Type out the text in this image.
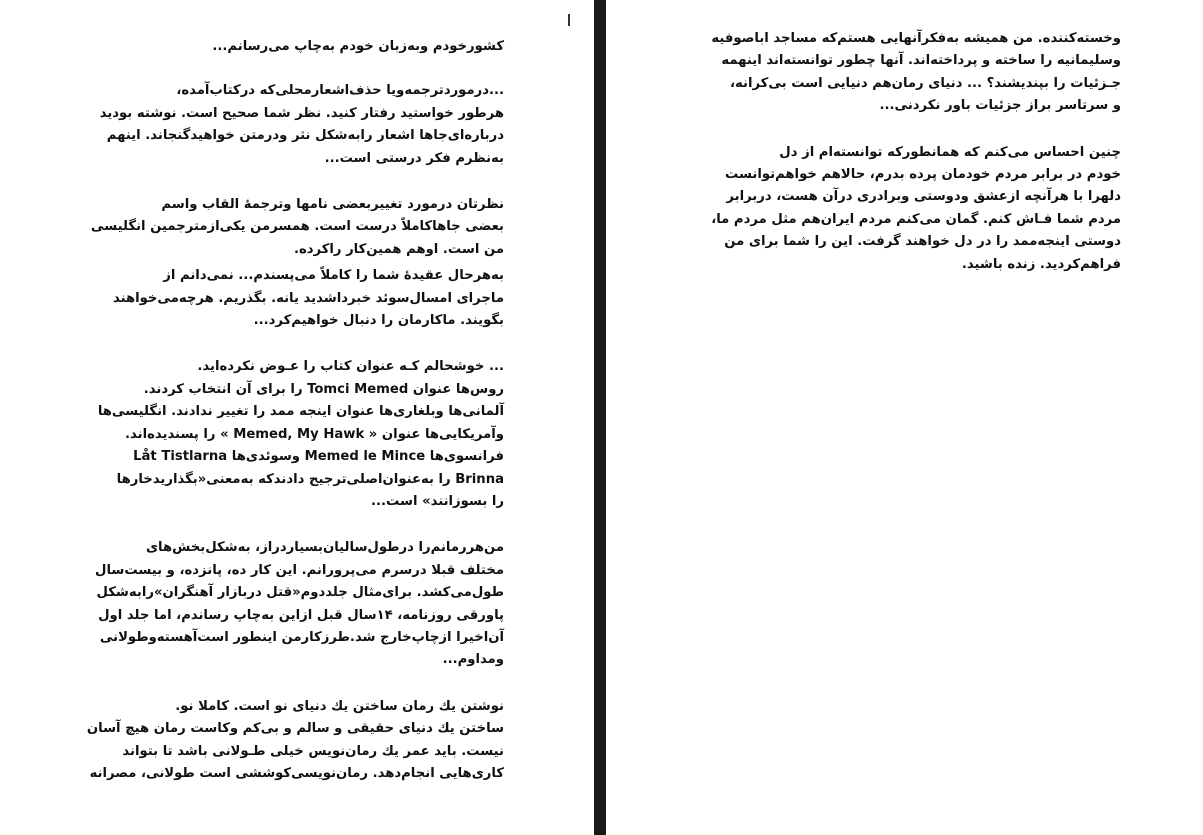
کشورخودم وبه‌زبان خودم به‌چاپ می‌رسانم...

...درموردترجمه‌ویا حذف‌اشعارمحلی‌که درکتاب‌آمده،
هرطور خواستید رفتار کنید. نظر شما صحیح است. نوشته بودید
درباره‌ای‌جاها اشعار رابه‌شکل نثر ودرمتن خواهیدگنجاند. اینهم
به‌نظرم فکر درستی است...

نظرتان درمورد تغییربعضی نامها وترجمهٔ القاب واسم
بعضی جاها‌کاملاً درست است. همسرمن یکی‌ازمترجمین انگلیسی
من است. اوهم همین‌کار راکرده.

به‌هرحال عقیدهٔ شما را کاملاً می‌پسندم... نمی‌دانم از
ماجرای امسال‌سوئد خبرداشدید یانه. بگذریم. هرچه‌می‌خواهند
بگویند. ماکارمان را دنبال خواهیم‌کرد...

... خوشحالم کـه عنوان کتاب را عـوض نکرده‌اید.
روس‌ها عنوان Tomci Memed را برای آن انتخاب کردند.
آلمانی‌ها وبلغاری‌ها عنوان اینجه ممد را تغییر ندادند. انگلیسی‌ها
وآمریکایی‌ها عنوان « Memed, My Hawk » را پسندیده‌اند.
فرانسوی‌ها Memed le Mince وسوئدی‌ها Låt Tistlarna
Brinna را به‌عنوان‌اصلی‌ترجیح دادندکه به‌معنی«بگذاریدخارها
را بسوزانند» است...

من‌هررمانم‌را درطول‌سالیان‌بسیاردراز، به‌شکل‌بخش‌های
مختلف قبلا درسرم می‌پرورانم. این کار ده، پانزده، و بیست‌سال
طول‌می‌کشد. برای‌مثال جلددوم«قتل دربازار آهنگران»رابه‌شکل
پاورقی روزنامه، ۱۴سال قبل ازاین به‌چاپ رساندم، اما جلد اول
آن‌اخیرا ازچاپ‌خارج شد.طرزکارمن اینطور است‌آهسته‌وطولانی
ومداوم...

نوشتن یك رمان ساختن یك دنیای نو است. کاملا نو.
ساختن یك دنیای حقیقی و سالم و بی‌کم وکاست رمان هیچ آسان
نیست. باید عمر یك رمان‌نویس خیلی طـولانی باشد تا بتواند
کاری‌هایی انجام‌دهد. رمان‌نویسی‌کوششی است طولانی، مصرانه

وخسته‌کننده. من همیشه به‌فکرآنهایی هستم‌که مساجد اباصوفیه
وسلیمانیه را ساخته و پرداخته‌اند. آنها چطور توانسته‌اند اینهمه
جـزئیات را بپندیشند؟ ... دنیای رمان‌هم دنیایی است بی‌کرانه،
و سرتاسر براز جزئیات باور نکردنی...

چنین احساس می‌کنم که همانطورکه توانسته‌ام از دل
خودم در برابر مردم خودمان پرده بدرم، حالاهم خواهم‌توانست
دلهرا با هرآنچه ازعشق ودوستی وبرادری درآن هست، دربرابر
مردم شما فـاش کنم. گمان می‌کنم مردم ایران‌هم مثل مردم ما،
دوستی اینجه‌ممد را در دل خواهند گرفت. این را شما برای من
فراهم‌کردید. زنده باشید.
